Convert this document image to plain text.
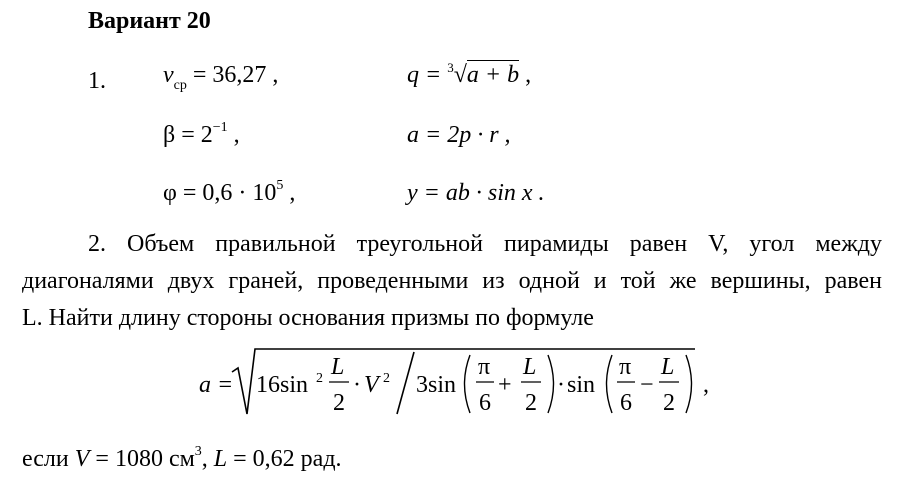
Вариант 20
1. $v_{ср} = 36,27$ ,	q = $^3$√a + b ,
$\beta = 2^{-1}$ ,	a = 2p · r ,
$\varphi = 0,6 \cdot 10^5$ ,	y = ab · sin x .
2. Объем правильной треугольной пирамиды равен V, угол между
диагоналями двух граней, проведенными из одной и той же вершины, равен
L. Найти длину стороны основания призмы по формуле
a = 16sin 2 L
2
· V 2 3sin
π
6
+
L
2
· sin
π
6
−
L
2
,
если V = 1080 $см^3$, L = 0,62 рад.
